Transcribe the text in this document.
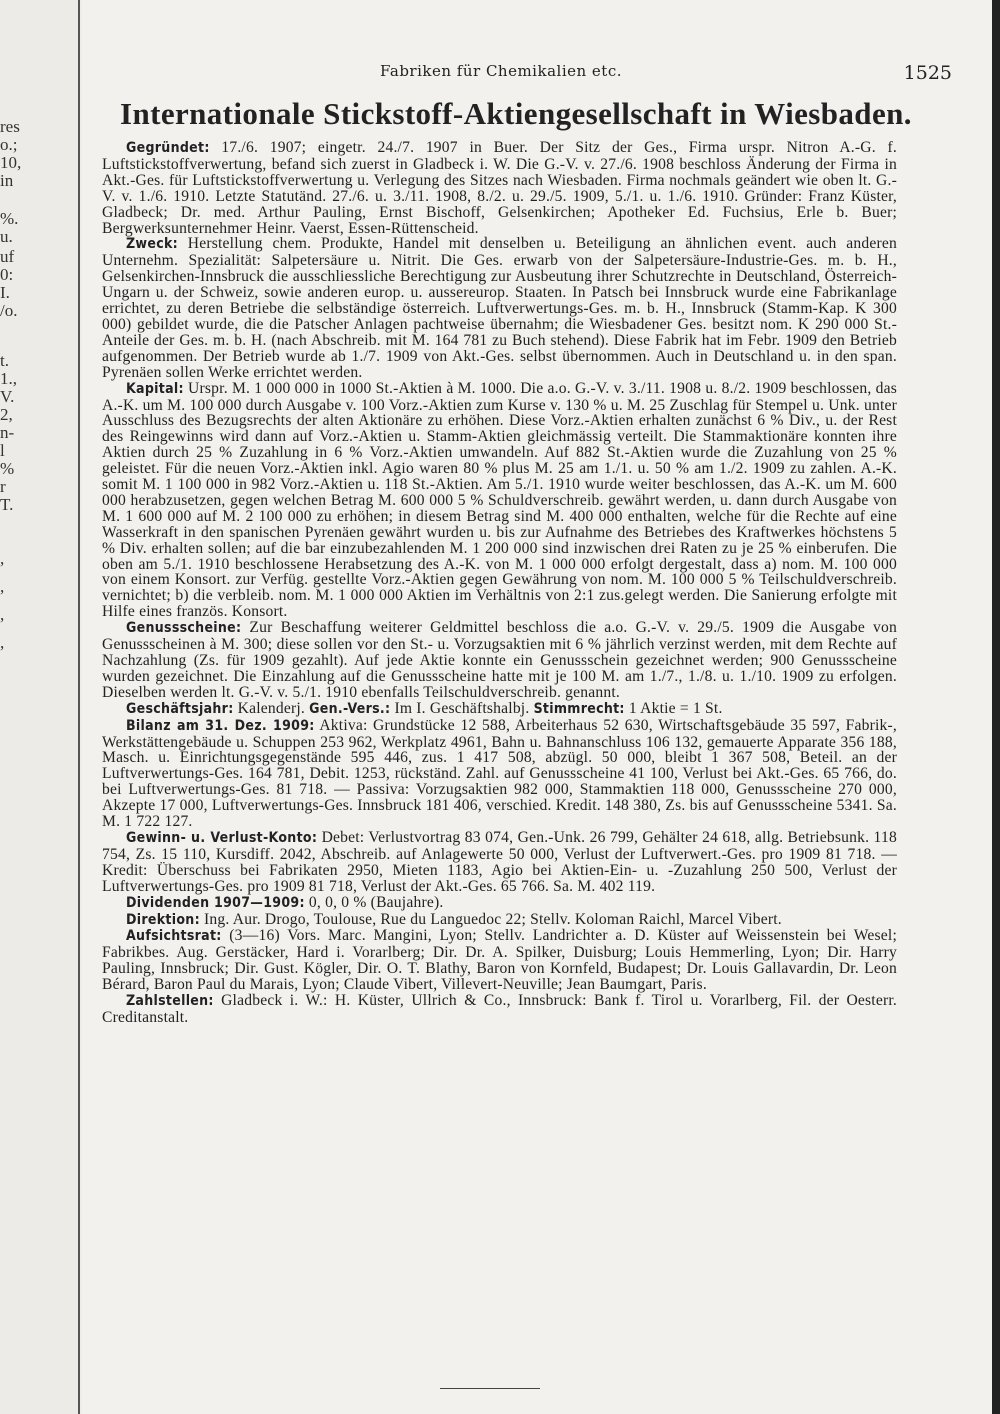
res
o.;
10,
in
%.
u.
uf
0:
I.
/o.
t.
1.,
V.
2,
n-
l
%
r
T.
,
,
,
,
Fabriken für Chemikalien etc.	1525
Internationale Stickstoff-Aktiengesellschaft in Wiesbaden.

Gegründet: 17./6. 1907; eingetr. 24./7. 1907 in Buer. Der Sitz der Ges., Firma urspr. Nitron A.-G. f. Luftstickstoffverwertung, befand sich zuerst in Gladbeck i. W. Die G.-V. v. 27./6. 1908 beschloss Änderung der Firma in Akt.-Ges. für Luftstickstoffverwertung u. Verlegung des Sitzes nach Wiesbaden. Firma nochmals geändert wie oben lt. G.-V. v. 1./6. 1910. Letzte Statutänd. 27./6. u. 3./11. 1908, 8./2. u. 29./5. 1909, 5./1. u. 1./6. 1910. Gründer: Franz Küster, Gladbeck; Dr. med. Arthur Pauling, Ernst Bischoff, Gelsenkirchen; Apotheker Ed. Fuchsius, Erle b. Buer; Bergwerksunternehmer Heinr. Vaerst, Essen-Rüttenscheid.

Zweck: Herstellung chem. Produkte, Handel mit denselben u. Beteiligung an ähnlichen event. auch anderen Unternehm. Spezialität: Salpetersäure u. Nitrit. Die Ges. erwarb von der Salpetersäure-Industrie-Ges. m. b. H., Gelsenkirchen-Innsbruck die ausschliessliche Berechtigung zur Ausbeutung ihrer Schutzrechte in Deutschland, Österreich-Ungarn u. der Schweiz, sowie anderen europ. u. aussereurop. Staaten. In Patsch bei Innsbruck wurde eine Fabrikanlage errichtet, zu deren Betriebe die selbständige österreich. Luftverwertungs-Ges. m. b. H., Innsbruck (Stamm-Kap. K 300 000) gebildet wurde, die die Patscher Anlagen pachtweise übernahm; die Wiesbadener Ges. besitzt nom. K 290 000 St.-Anteile der Ges. m. b. H. (nach Abschreib. mit M. 164 781 zu Buch stehend). Diese Fabrik hat im Febr. 1909 den Betrieb aufgenommen. Der Betrieb wurde ab 1./7. 1909 von Akt.-Ges. selbst übernommen. Auch in Deutschland u. in den span. Pyrenäen sollen Werke errichtet werden.

Kapital: Urspr. M. 1 000 000 in 1000 St.-Aktien à M. 1000. Die a.o. G.-V. v. 3./11. 1908 u. 8./2. 1909 beschlossen, das A.-K. um M. 100 000 durch Ausgabe v. 100 Vorz.-Aktien zum Kurse v. 130 % u. M. 25 Zuschlag für Stempel u. Unk. unter Ausschluss des Bezugsrechts der alten Aktionäre zu erhöhen. Diese Vorz.-Aktien erhalten zunächst 6 % Div., u. der Rest des Reingewinns wird dann auf Vorz.-Aktien u. Stamm-Aktien gleichmässig verteilt. Die Stammaktionäre konnten ihre Aktien durch 25 % Zuzahlung in 6 % Vorz.-Aktien umwandeln. Auf 882 St.-Aktien wurde die Zuzahlung von 25 % geleistet. Für die neuen Vorz.-Aktien inkl. Agio waren 80 % plus M. 25 am 1./1. u. 50 % am 1./2. 1909 zu zahlen. A.-K. somit M. 1 100 000 in 982 Vorz.-Aktien u. 118 St.-Aktien. Am 5./1. 1910 wurde weiter beschlossen, das A.-K. um M. 600 000 herabzusetzen, gegen welchen Betrag M. 600 000 5 % Schuldverschreib. gewährt werden, u. dann durch Ausgabe von M. 1 600 000 auf M. 2 100 000 zu erhöhen; in diesem Betrag sind M. 400 000 enthalten, welche für die Rechte auf eine Wasserkraft in den spanischen Pyrenäen gewährt wurden u. bis zur Aufnahme des Betriebes des Kraftwerkes höchstens 5 % Div. erhalten sollen; auf die bar einzubezahlenden M. 1 200 000 sind inzwischen drei Raten zu je 25 % einberufen. Die oben am 5./1. 1910 beschlossene Herabsetzung des A.-K. von M. 1 000 000 erfolgt dergestalt, dass a) nom. M. 100 000 von einem Konsort. zur Verfüg. gestellte Vorz.-Aktien gegen Gewährung von nom. M. 100 000 5 % Teilschuldverschreib. vernichtet; b) die verbleib. nom. M. 1 000 000 Aktien im Verhältnis von 2:1 zus.gelegt werden. Die Sanierung erfolgte mit Hilfe eines französ. Konsort.

Genussscheine: Zur Beschaffung weiterer Geldmittel beschloss die a.o. G.-V. v. 29./5. 1909 die Ausgabe von Genussscheinen à M. 300; diese sollen vor den St.- u. Vorzugsaktien mit 6 % jährlich verzinst werden, mit dem Rechte auf Nachzahlung (Zs. für 1909 gezahlt). Auf jede Aktie konnte ein Genussschein gezeichnet werden; 900 Genussscheine wurden gezeichnet. Die Einzahlung auf die Genussscheine hatte mit je 100 M. am 1./7., 1./8. u. 1./10. 1909 zu erfolgen. Dieselben werden lt. G.-V. v. 5./1. 1910 ebenfalls Teilschuldverschreib. genannt.

Geschäftsjahr: Kalenderj. Gen.-Vers.: Im I. Geschäftshalbj. Stimmrecht: 1 Aktie = 1 St.

Bilanz am 31. Dez. 1909: Aktiva: Grundstücke 12 588, Arbeiterhaus 52 630, Wirtschaftsgebäude 35 597, Fabrik-, Werkstättengebäude u. Schuppen 253 962, Werkplatz 4961, Bahn u. Bahnanschluss 106 132, gemauerte Apparate 356 188, Masch. u. Einrichtungsgegenstände 595 446, zus. 1 417 508, abzügl. 50 000, bleibt 1 367 508, Beteil. an der Luftverwertungs-Ges. 164 781, Debit. 1253, rückständ. Zahl. auf Genussscheine 41 100, Verlust bei Akt.-Ges. 65 766, do. bei Luftverwertungs-Ges. 81 718. — Passiva: Vorzugsaktien 982 000, Stammaktien 118 000, Genussscheine 270 000, Akzepte 17 000, Luftverwertungs-Ges. Innsbruck 181 406, verschied. Kredit. 148 380, Zs. bis auf Genussscheine 5341. Sa. M. 1 722 127.

Gewinn- u. Verlust-Konto: Debet: Verlustvortrag 83 074, Gen.-Unk. 26 799, Gehälter 24 618, allg. Betriebsunk. 118 754, Zs. 15 110, Kursdiff. 2042, Abschreib. auf Anlagewerte 50 000, Verlust der Luftverwert.-Ges. pro 1909 81 718. — Kredit: Überschuss bei Fabrikaten 2950, Mieten 1183, Agio bei Aktien-Ein- u. -Zuzahlung 250 500, Verlust der Luftverwertungs-Ges. pro 1909 81 718, Verlust der Akt.-Ges. 65 766. Sa. M. 402 119.

Dividenden 1907—1909: 0, 0, 0 % (Baujahre).

Direktion: Ing. Aur. Drogo, Toulouse, Rue du Languedoc 22; Stellv. Koloman Raichl, Marcel Vibert.

Aufsichtsrat: (3—16) Vors. Marc. Mangini, Lyon; Stellv. Landrichter a. D. Küster auf Weissenstein bei Wesel; Fabrikbes. Aug. Gerstäcker, Hard i. Vorarlberg; Dir. Dr. A. Spilker, Duisburg; Louis Hemmerling, Lyon; Dir. Harry Pauling, Innsbruck; Dir. Gust. Kögler, Dir. O. T. Blathy, Baron von Kornfeld, Budapest; Dr. Louis Gallavardin, Dr. Leon Bérard, Baron Paul du Marais, Lyon; Claude Vibert, Villevert-Neuville; Jean Baumgart, Paris.

Zahlstellen: Gladbeck i. W.: H. Küster, Ullrich & Co., Innsbruck: Bank f. Tirol u. Vorarlberg, Fil. der Oesterr. Creditanstalt.
